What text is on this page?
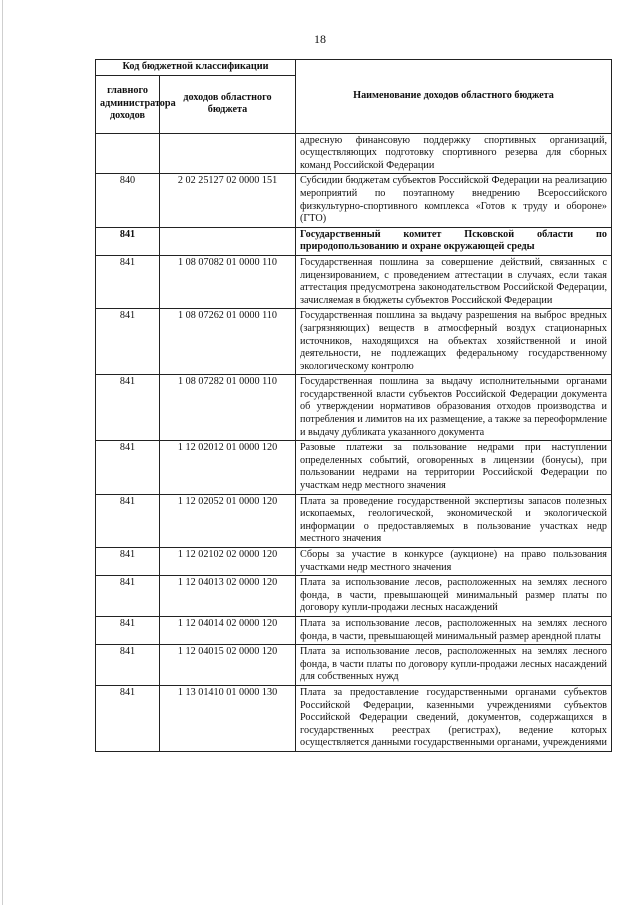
18
Код бюджетной классификации		Наименование доходов областного бюджета
главного администратора доходов	доходов областного бюджета	
		адресную финансовую поддержку спортивных организаций, осуществляющих подготовку спортивного резерва для сборных команд Российской Федерации
840	2 02 25127 02 0000 151	Субсидии бюджетам субъектов Российской Федерации на реализацию мероприятий по поэтапному внедрению Всероссийского физкультурно-спортивного комплекса «Готов к труду и обороне» (ГТО)
841		Государственный комитет Псковской области по природопользованию и охране окружающей среды
841	1 08 07082 01 0000 110	Государственная пошлина за совершение действий, связанных с лицензированием, с проведением аттестации в случаях, если такая аттестация предусмотрена законодательством Российской Федерации, зачисляемая в бюджеты субъектов Российской Федерации
841	1 08 07262 01 0000 110	Государственная пошлина за выдачу разрешения на выброс вредных (загрязняющих) веществ в атмосферный воздух стационарных источников, находящихся на объектах хозяйственной и иной деятельности, не подлежащих федеральному государственному экологическому контролю
841	1 08 07282 01 0000 110	Государственная пошлина за выдачу исполнительными органами государственной власти субъектов Российской Федерации документа об утверждении нормативов образования отходов производства и потребления и лимитов на их размещение, а также за переоформление и выдачу дубликата указанного документа
841	1 12 02012 01 0000 120	Разовые платежи за пользование недрами при наступлении определенных событий, оговоренных в лицензии (бонусы), при пользовании недрами на территории Российской Федерации по участкам недр местного значения
841	1 12 02052 01 0000 120	Плата за проведение государственной экспертизы запасов полезных ископаемых, геологической, экономической и экологической информации о предоставляемых в пользование участках недр местного значения
841	1 12 02102 02 0000 120	Сборы за участие в конкурсе (аукционе) на право пользования участками недр местного значения
841	1 12 04013 02 0000 120	Плата за использование лесов, расположенных на землях лесного фонда, в части, превышающей минимальный размер платы по договору купли-продажи лесных насаждений
841	1 12 04014 02 0000 120	Плата за использование лесов, расположенных на землях лесного фонда, в части, превышающей минимальный размер арендной платы
841	1 12 04015 02 0000 120	Плата за использование лесов, расположенных на землях лесного фонда, в части платы по договору купли-продажи лесных насаждений для собственных нужд
841	1 13 01410 01 0000 130	Плата за предоставление государственными органами субъектов Российской Федерации, казенными учреждениями субъектов Российской Федерации сведений, документов, содержащихся в государственных реестрах (регистрах), ведение которых осуществляется данными государственными органами, учреждениями
